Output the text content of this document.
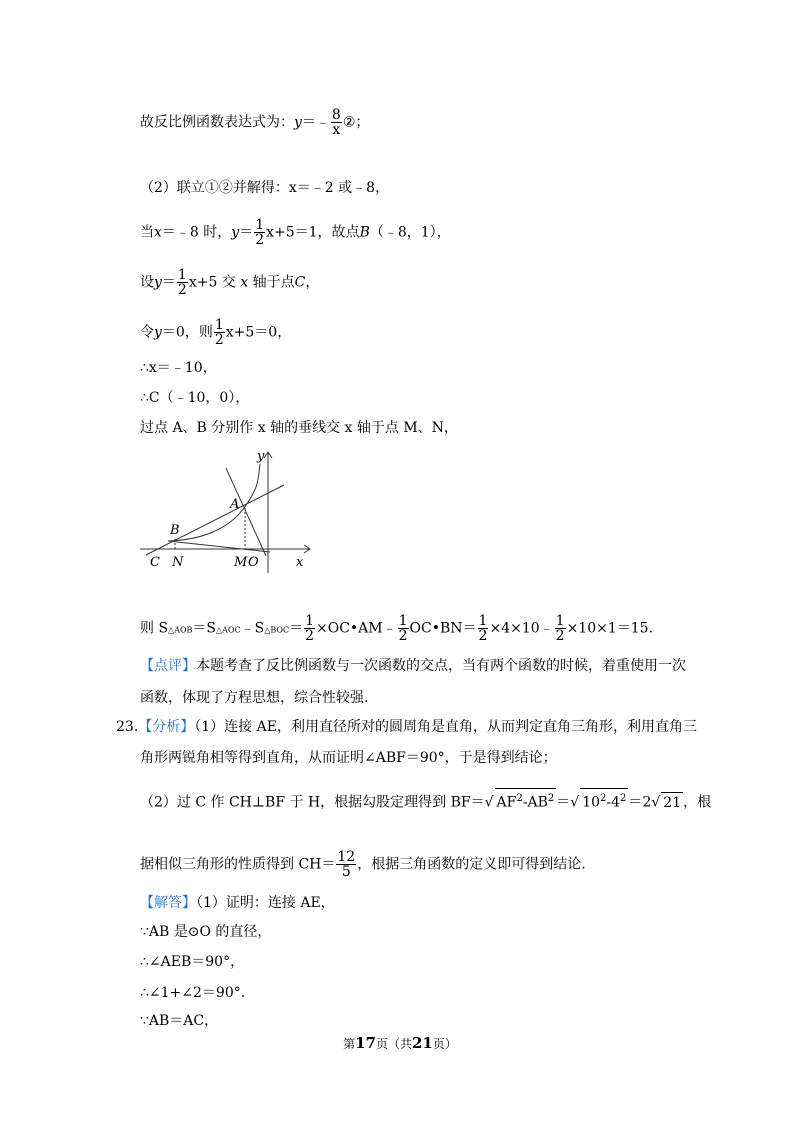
故反比例函数表达式为：y＝﹣ $\frac{8}{x}$ ②；
（2）联立①②并解得：x＝﹣2 或﹣8，
当x＝﹣8 时，$y= \frac{1}{2} x+5=1$，故点B（﹣8，1），
设$y= \frac{1}{2} x+5$ 交 x 轴于点C，
令y＝0，则 $\frac{1}{2} x+5=0$，
∴x＝﹣10，
∴C（﹣10，0），
过点 A、B 分别作 x 轴的垂线交 x 轴于点 M、N，
y
A
B
C N	M O	x
则 S△AOB＝S△AOC﹣S△BOC＝ $\frac{1}{2}$ ×OC•AM﹣ $\frac{1}{2}$ OC•BN＝ $\frac{1}{2}$ ×4×10﹣ $\frac{1}{2} \times 10\times 1=15$.
【点评】本题考查了反比例函数与一次函数的交点，当有两个函数的时候，着重使用一次
函数，体现了方程思想，综合性较强.
23.【分析】（1）连接 AE，利用直径所对的圆周角是直角，从而判定直角三角形，利用直角三
角形两锐角相等得到直角，从而证明∠ABF＝90°，于是得到结论；
（2）过 C 作 CH⊥BF 于 H，根据勾股定理得到 BF＝√ $AF^2-AB^2$ ＝√ $10^2-4^2 =2√$ 21 ，根
据相似三角形的性质得到 $CH= \frac{12}{5}$ ，根据三角函数的定义即可得到结论.
【解答】（1）证明：连接 AE，
∵AB 是⊙O 的直径，
∴∠AEB＝90°，
∴∠1+∠2＝90°.
∵AB＝AC，
第17页（共21页）
